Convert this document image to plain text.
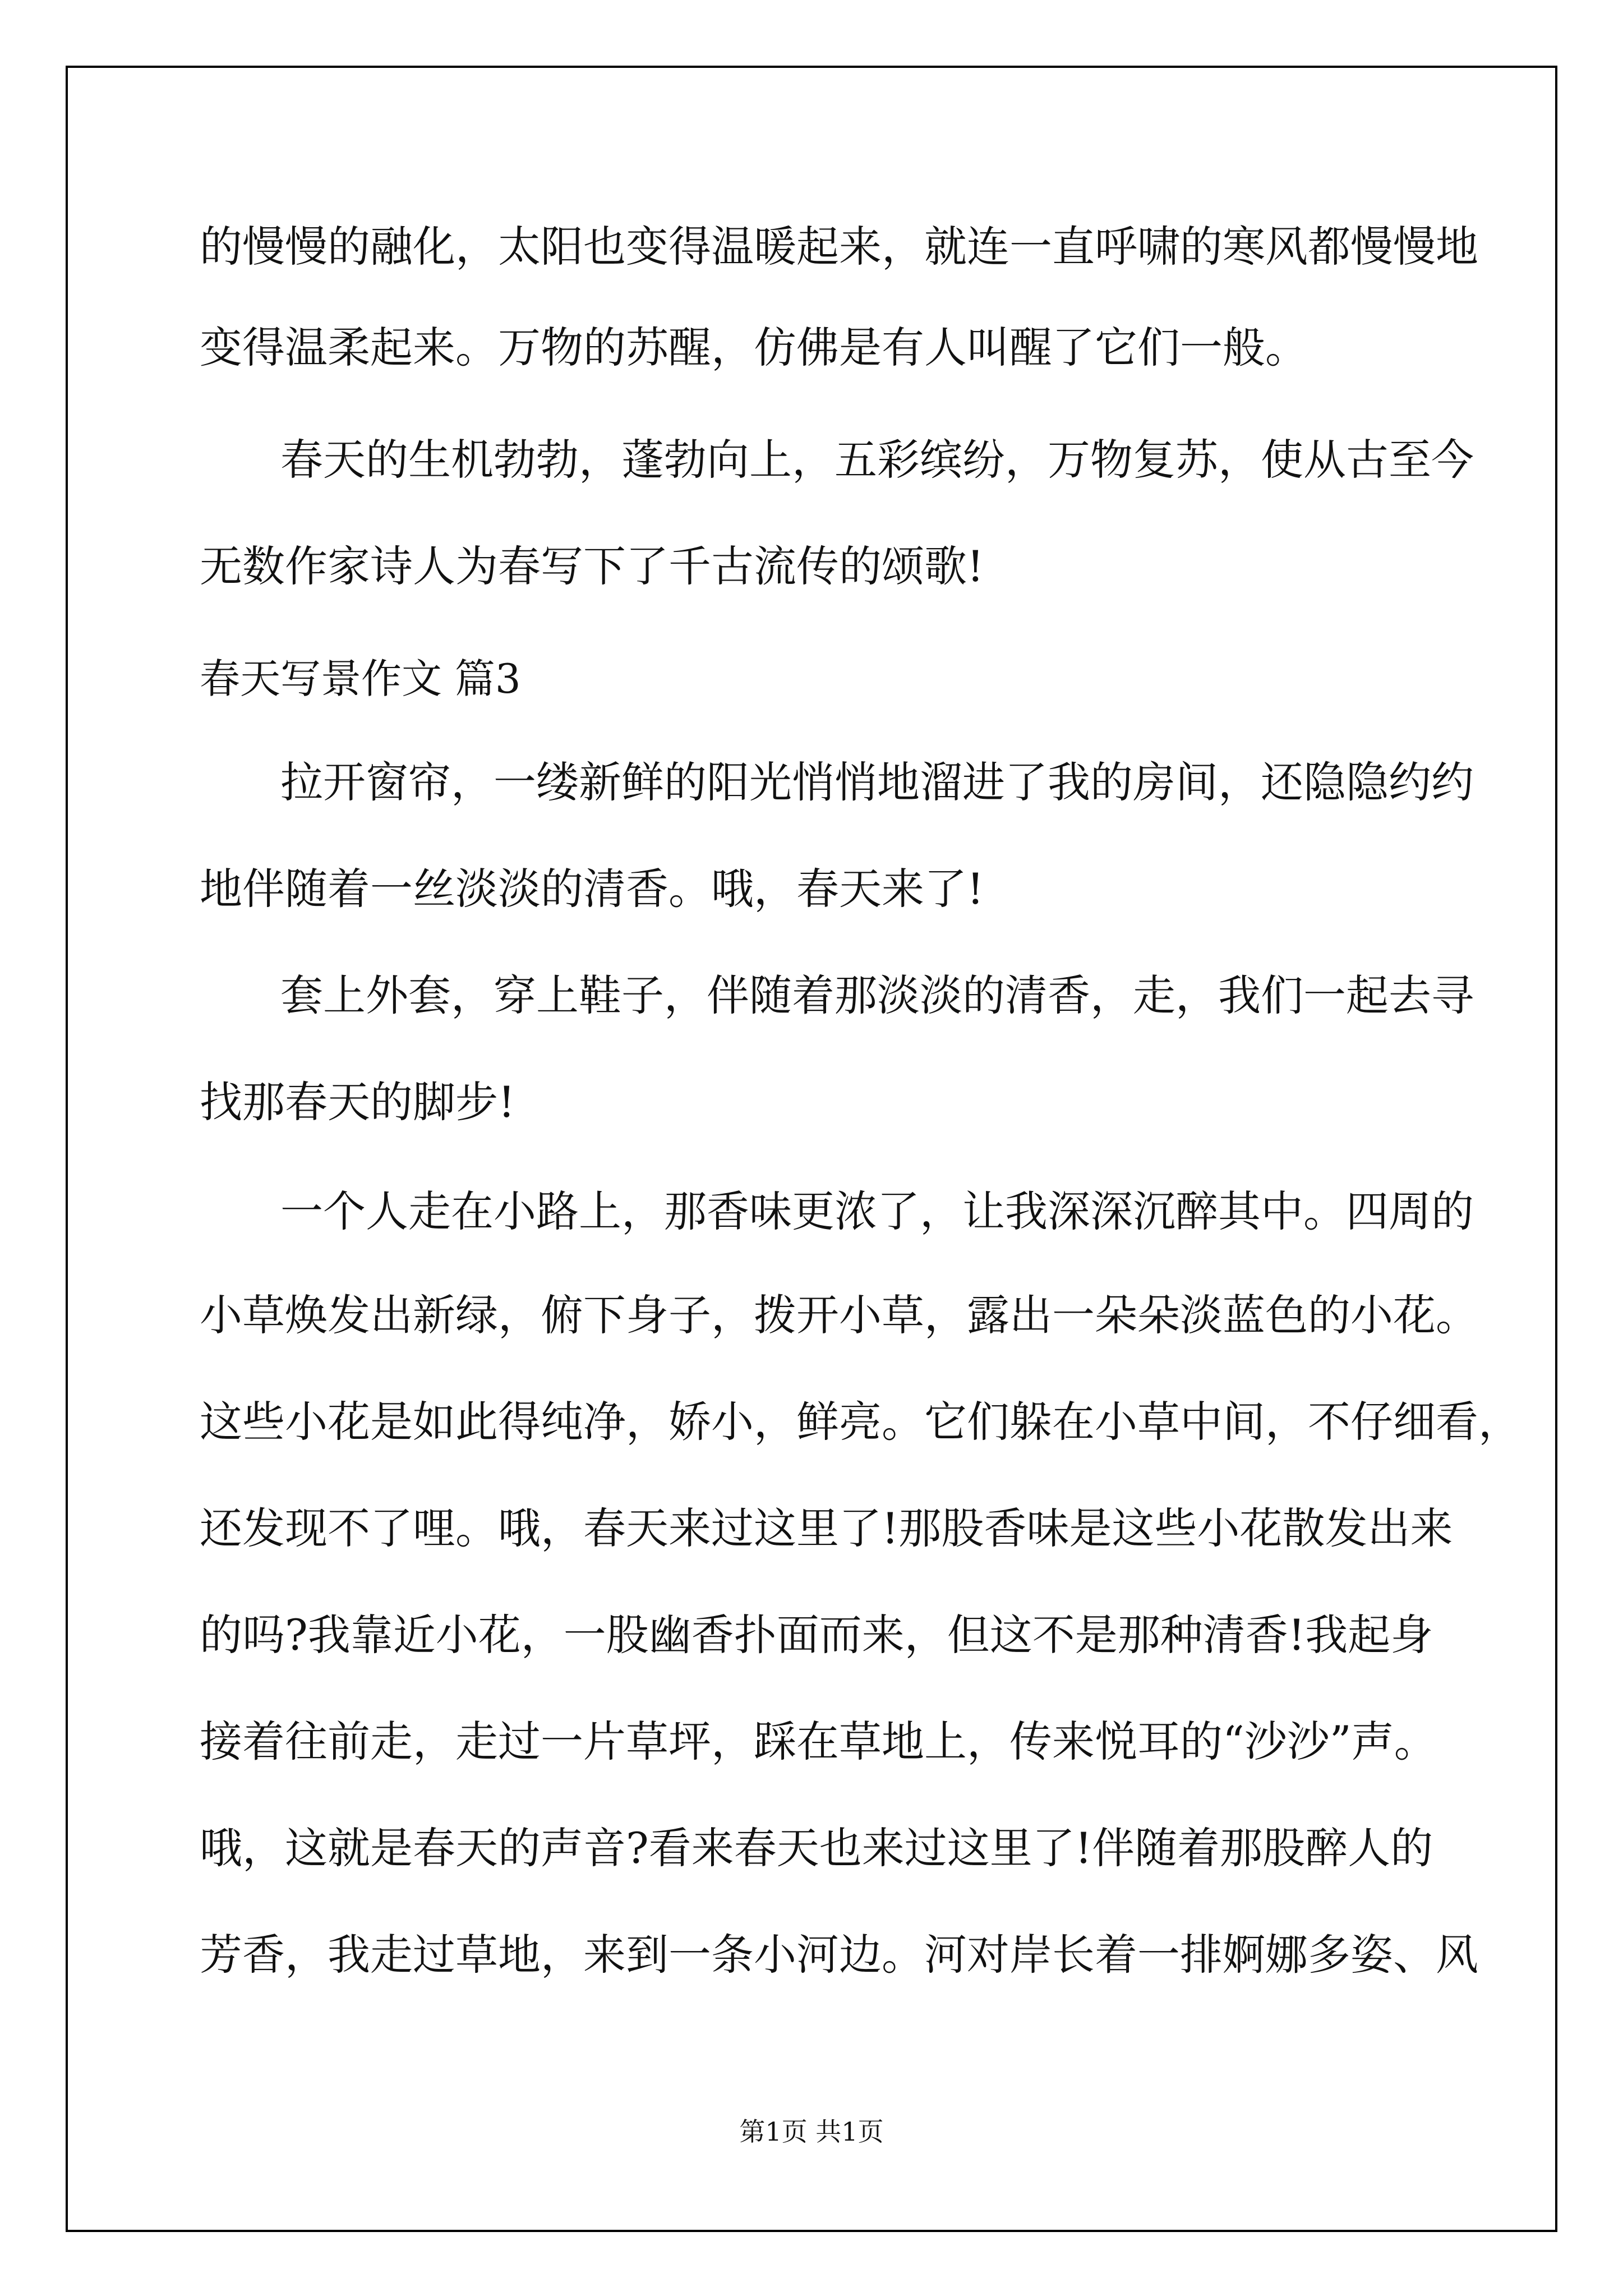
的慢慢的融化，太阳也变得温暖起来，就连一直呼啸的寒风都慢慢地
变得温柔起来。万物的苏醒，仿佛是有人叫醒了它们一般。
春天的生机勃勃，蓬勃向上，五彩缤纷，万物复苏，使从古至今
无数作家诗人为春写下了千古流传的颂歌!
春天写景作文 篇3
拉开窗帘，一缕新鲜的阳光悄悄地溜进了我的房间，还隐隐约约
地伴随着一丝淡淡的清香。哦，春天来了!
套上外套，穿上鞋子，伴随着那淡淡的清香，走，我们一起去寻
找那春天的脚步!
一个人走在小路上，那香味更浓了，让我深深沉醉其中。四周的
小草焕发出新绿，俯下身子，拨开小草，露出一朵朵淡蓝色的小花。
这些小花是如此得纯净，娇小，鲜亮。它们躲在小草中间，不仔细看，
还发现不了哩。哦，春天来过这里了!那股香味是这些小花散发出来
的吗?我靠近小花，一股幽香扑面而来，但这不是那种清香!我起身
接着往前走，走过一片草坪，踩在草地上，传来悦耳的“沙沙”声。
哦，这就是春天的声音?看来春天也来过这里了!伴随着那股醉人的
芳香，我走过草地，来到一条小河边。河对岸长着一排婀娜多姿、风
第1页 共1页
